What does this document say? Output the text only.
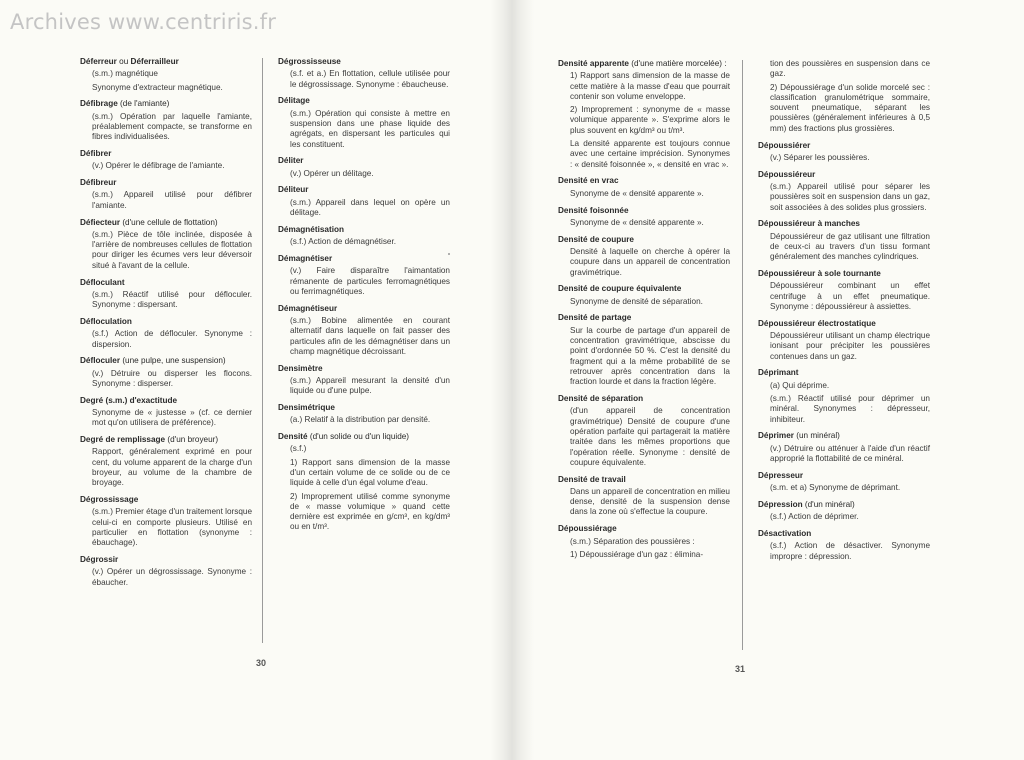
Archives www.centriris.fr
Déferreur ou Déferrailleur
(s.m.) magnétique
Synonyme d'extracteur magnétique.
Défibrage (de l'amiante)
(s.m.) Opération par laquelle l'amiante, préalablement compacte, se transforme en fibres individualisées.
Défibrer
(v.) Opérer le défibrage de l'amiante.
Défibreur
(s.m.) Appareil utilisé pour défibrer l'amiante.
Défiecteur (d'une cellule de flottation)
(s.m.) Pièce de tôle inclinée, disposée à l'arrière de nombreuses cellules de flottation pour diriger les écumes vers leur déversoir situé à l'avant de la cellule.
Défloculant
(s.m.) Réactif utilisé pour défloculer. Synonyme : dispersant.
Défloculation
(s.f.) Action de défloculer. Synonyme : dispersion.
Défloculer (une pulpe, une suspension)
(v.) Détruire ou disperser les flocons. Synonyme : disperser.
Degré (s.m.) d'exactitude
Synonyme de « justesse » (cf. ce dernier mot qu'on utilisera de préférence).
Degré de remplissage (d'un broyeur)
Rapport, généralement exprimé en pour cent, du volume apparent de la charge d'un broyeur, au volume de la chambre de broyage.
Dégrossissage
(s.m.) Premier étage d'un traitement lorsque celui-ci en comporte plusieurs. Utilisé en particulier en flottation (synonyme : ébauchage).
Dégrossir
(v.) Opérer un dégrossissage. Synonyme : ébaucher.
Dégrossisseuse
(s.f. et a.) En flottation, cellule utilisée pour le dégrossissage. Synonyme : ébaucheuse.
Délitage
(s.m.) Opération qui consiste à mettre en suspension dans une phase liquide des agrégats, en dispersant les particules qui les constituent.
Déliter
(v.) Opérer un délitage.
Déliteur
(s.m.) Appareil dans lequel on opère un délitage.
Démagnétisation
(s.f.) Action de démagnétiser.
Démagnétiser
(v.) Faire disparaître l'aimantation rémanente de particules ferromagnétiques ou ferrimagnétiques.
Démagnétiseur
(s.m.) Bobine alimentée en courant alternatif dans laquelle on fait passer des particules afin de les démagnétiser dans un champ magnétique décroissant.
Densimètre
(s.m.) Appareil mesurant la densité d'un liquide ou d'une pulpe.
Densimétrique
(a.) Relatif à la distribution par densité.
Densité (d'un solide ou d'un liquide)
(s.f.)
1) Rapport sans dimension de la masse d'un certain volume de ce solide ou de ce liquide à celle d'un égal volume d'eau.
2) Improprement utilisé comme synonyme de « masse volumique » quand cette dernière est exprimée en g/cm³, en kg/dm³ ou en t/m³.
Densité apparente (d'une matière morcelée) :
1) Rapport sans dimension de la masse de cette matière à la masse d'eau que pourrait contenir son volume enveloppe.
2) Improprement : synonyme de « masse volumique apparente ». S'exprime alors le plus souvent en kg/dm³ ou t/m³.
La densité apparente est toujours connue avec une certaine imprécision. Synonymes : « densité foisonnée », « densité en vrac ».
Densité en vrac
Synonyme de « densité apparente ».
Densité foisonnée
Synonyme de « densité apparente ».
Densité de coupure
Densité à laquelle on cherche à opérer la coupure dans un appareil de concentration gravimétrique.
Densité de coupure équivalente
Synonyme de densité de séparation.
Densité de partage
Sur la courbe de partage d'un appareil de concentration gravimétrique, abscisse du point d'ordonnée 50 %. C'est la densité du fragment qui a la même probabilité de se retrouver après concentration dans la fraction lourde et dans la fraction légère.
Densité de séparation
(d'un appareil de concentration gravimétrique) Densité de coupure d'une opération parfaite qui partagerait la matière traitée dans les mêmes proportions que l'opération réelle. Synonyme : densité de coupure équivalente.
Densité de travail
Dans un appareil de concentration en milieu dense, densité de la suspension dense dans la zone où s'effectue la coupure.
Dépoussiérage
(s.m.) Séparation des poussières :
1) Dépoussiérage d'un gaz : élimina-
tion des poussières en suspension dans ce gaz.
2) Dépoussiérage d'un solide morcelé sec : classification granulométrique sommaire, souvent pneumatique, séparant les poussières (généralement inférieures à 0,5 mm) des fractions plus grossières.
Dépoussiérer
(v.) Séparer les poussières.
Dépoussiéreur
(s.m.) Appareil utilisé pour séparer les poussières soit en suspension dans un gaz, soit associées à des solides plus grossiers.
Dépoussiéreur à manches
Dépoussiéreur de gaz utilisant une filtration de ceux-ci au travers d'un tissu formant généralement des manches cylindriques.
Dépoussiéreur à sole tournante
Dépoussiéreur combinant un effet centrifuge à un effet pneumatique. Synonyme : dépoussiéreur à assiettes.
Dépoussiéreur électrostatique
Dépoussiéreur utilisant un champ électrique ionisant pour précipiter les poussières contenues dans un gaz.
Déprimant
(a) Qui déprime.
(s.m.) Réactif utilisé pour déprimer un minéral. Synonymes : dépresseur, inhibiteur.
Déprimer (un minéral)
(v.) Détruire ou atténuer à l'aide d'un réactif approprié la flottabilité de ce minéral.
Dépresseur
(s.m. et a) Synonyme de déprimant.
Dépression (d'un minéral)
(s.f.) Action de déprimer.
Désactivation
(s.f.) Action de désactiver. Synonyme impropre : dépression.
30
31
